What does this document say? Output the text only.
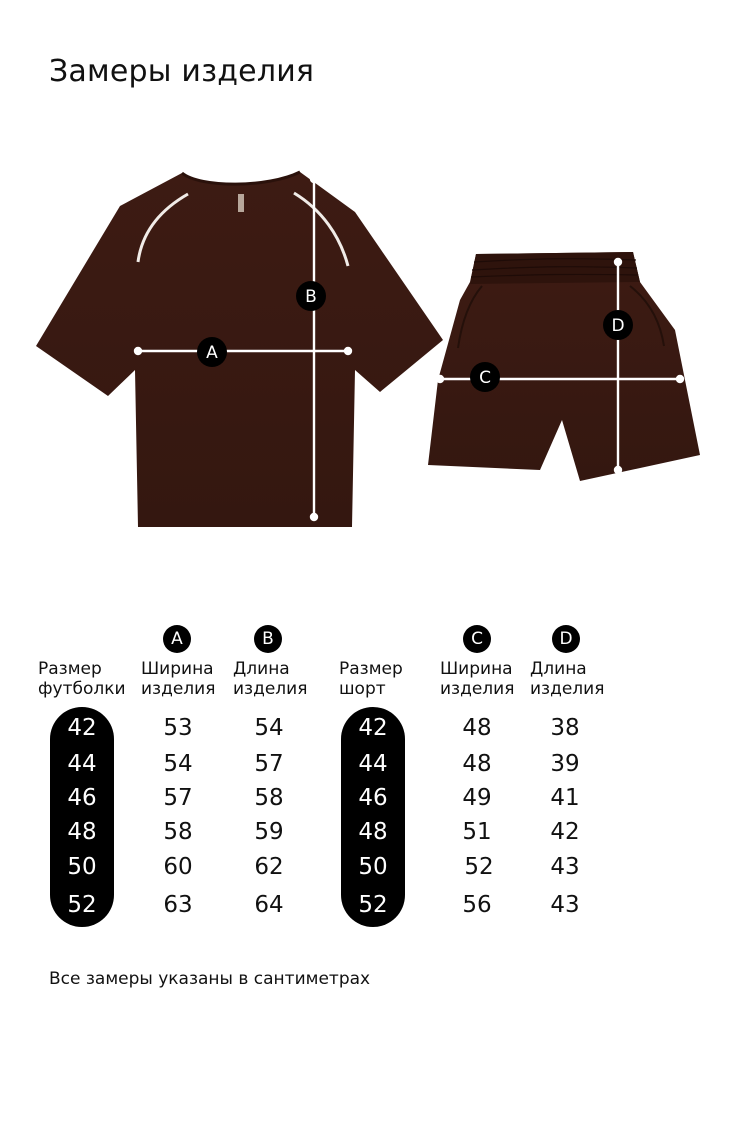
Замеры изделия
A
B
C
D
Размер
футболки
A
Ширина
изделия
B
Длина
изделия
42
44
46
48
50
52
53
54
57
58
60
63
54
57
58
59
62
64
Размер
шорт
C
Ширина
изделия
D
Длина
изделия
42
44
46
48
50
52
48
48
49
51
52
56
38
39
41
42
43
43
Все замеры указаны в сантиметрах
